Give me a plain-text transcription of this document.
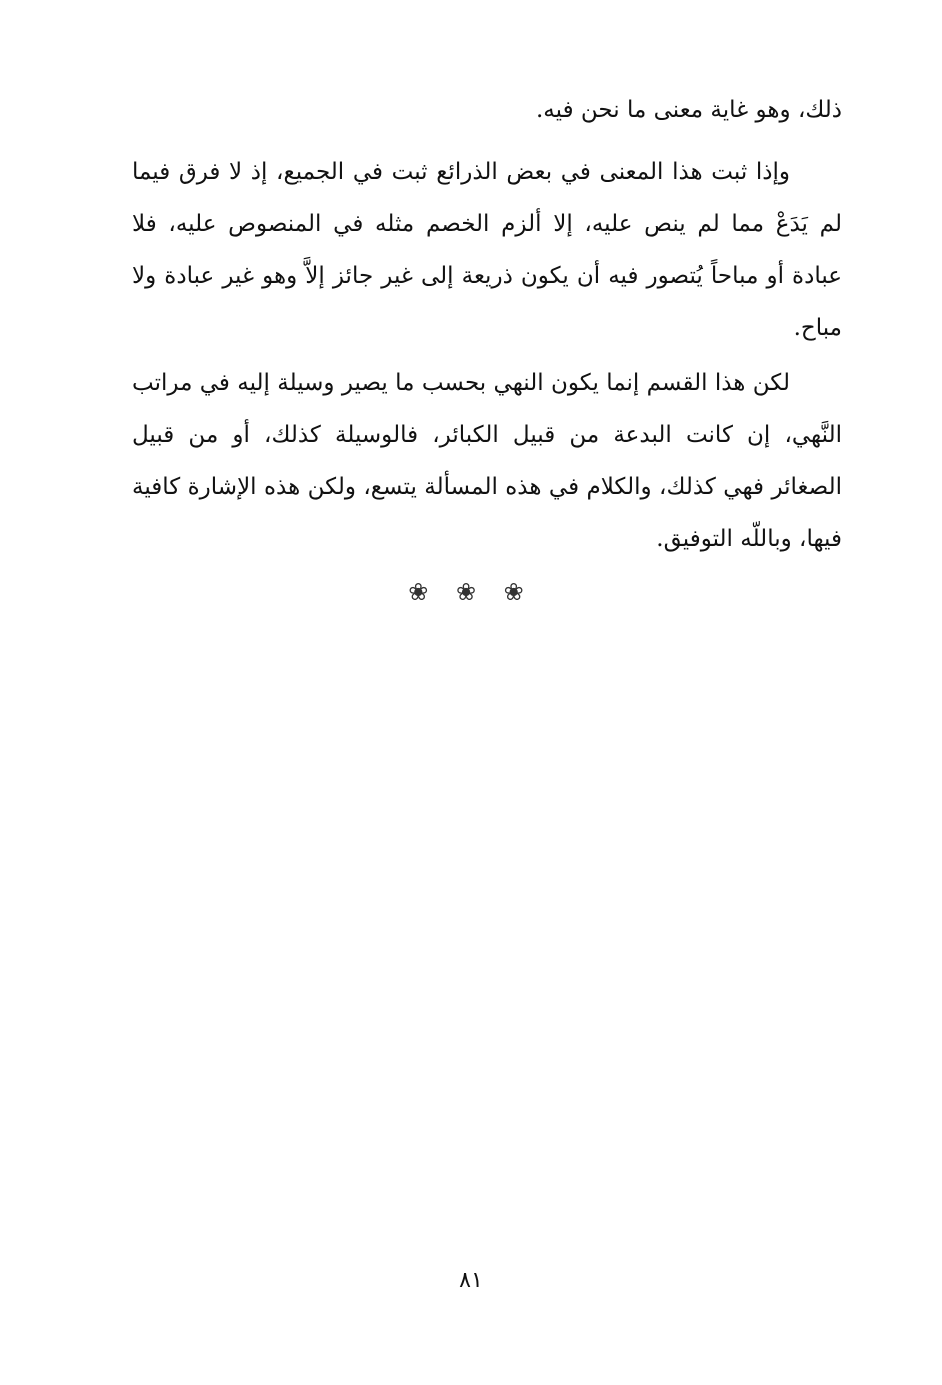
ذلك، وهو غاية معنى ما نحن فيه.

وإذا ثبت هذا المعنى في بعض الذرائع ثبت في الجميع، إذ لا فرق فيما لم يَدَعْ مما لم ينص عليه، إلا ألزم الخصم مثله في المنصوص عليه، فلا عبادة أو مباحاً يُتصور فيه أن يكون ذريعة إلى غير جائز إلاَّ وهو غير عبادة ولا مباح.

لكن هذا القسم إنما يكون النهي بحسب ما يصير وسيلة إليه في مراتب النَّهي، إن كانت البدعة من قبيل الكبائر، فالوسيلة كذلك، أو من قبيل الصغائر فهي كذلك، والكلام في هذه المسألة يتسع، ولكن هذه الإشارة كافية فيها، وباللّه التوفيق.

❀ ❀ ❀
٨١
